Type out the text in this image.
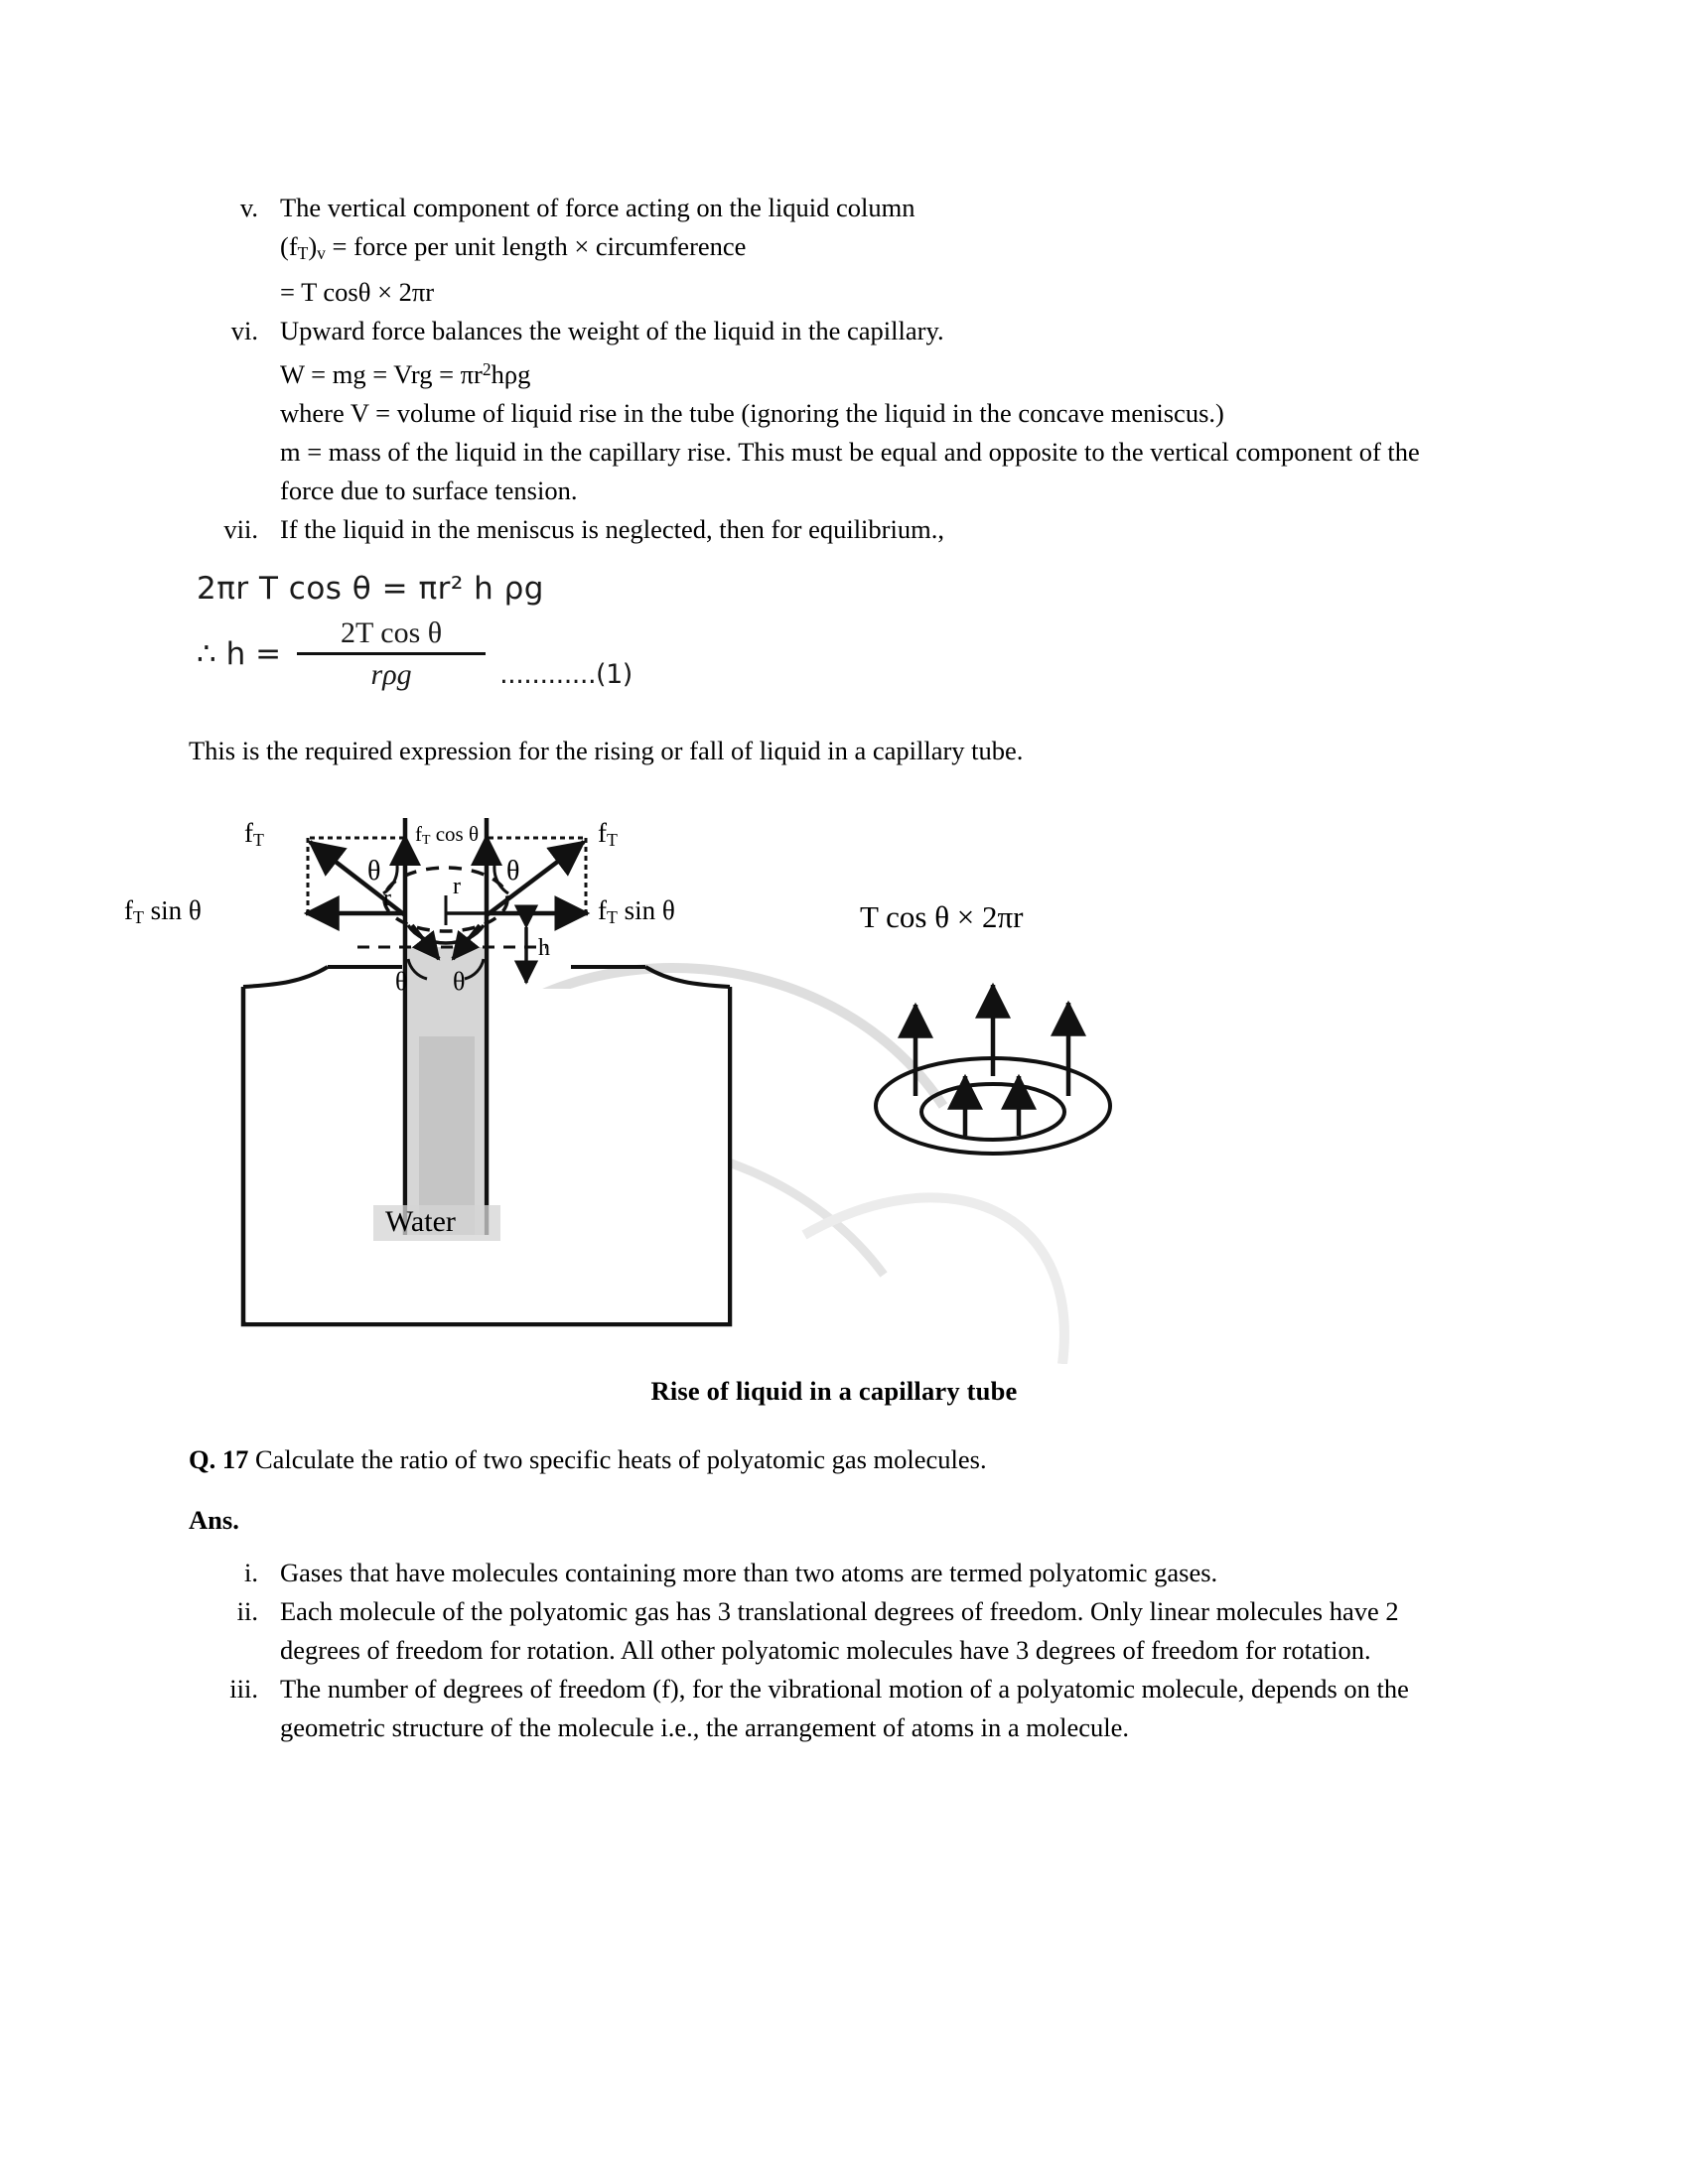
v. The vertical component of force acting on the liquid column
$(f_T)_v$ = force per unit length × circumference
= T cosθ × 2πr
vi. Upward force balances the weight of the liquid in the capillary.
W = mg = Vrg = $\pi r^2h\rho g$
where V = volume of liquid rise in the tube (ignoring the liquid in the concave meniscus.)
m = mass of the liquid in the capillary rise. This must be equal and opposite to the vertical component of the force due to surface tension.
vii. If the liquid in the meniscus is neglected, then for equilibrium.,
2πr T cos θ = πr² h ρg
∴ $h = \frac{\text{2T cos θ}}{\text{rρg}} ............(1)$
This is the required expression for the rising or fall of liquid in a capillary tube.
$f_T$	$f_T$ cos θ	$f_T$
θ	θ
$f_T$ sin θ	$f_T$ sin θ
r	r
θ θ
h
Water
T cos θ × 2πr
Rise of liquid in a capillary tube
Q. 17 Calculate the ratio of two specific heats of polyatomic gas molecules.
Ans.
i. Gases that have molecules containing more than two atoms are termed polyatomic gases.
ii. Each molecule of the polyatomic gas has 3 translational degrees of freedom. Only linear molecules have 2 degrees of freedom for rotation. All other polyatomic molecules have 3 degrees of freedom for rotation.
iii. The number of degrees of freedom (f), for the vibrational motion of a polyatomic molecule, depends on the geometric structure of the molecule i.e., the arrangement of atoms in a molecule.
